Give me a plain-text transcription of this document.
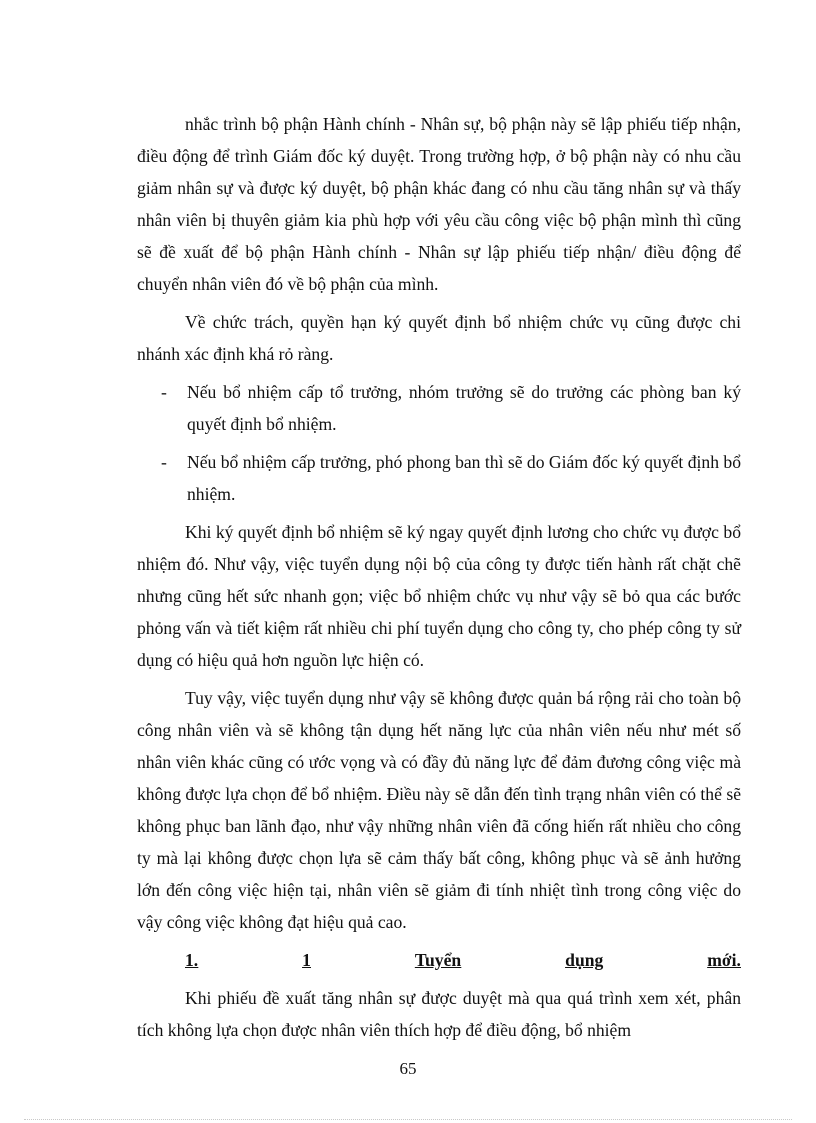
nhắc trình bộ phận Hành chính - Nhân sự, bộ phận này sẽ lập phiếu tiếp nhận, điều động để trình Giám đốc ký duyệt. Trong trường hợp, ở bộ phận này có nhu cầu giảm nhân sự và được ký duyệt, bộ phận khác đang có nhu cầu tăng nhân sự và thấy nhân viên bị thuyên giảm kia phù hợp với yêu cầu công việc bộ phận mình thì cũng sẽ đề xuất để bộ phận Hành chính - Nhân sự lập phiếu tiếp nhận/ điều động để chuyển nhân viên đó về bộ phận của mình.

Về chức trách, quyền hạn ký quyết định bổ nhiệm chức vụ cũng được chi nhánh xác định khá rỏ ràng.

- Nếu bổ nhiệm cấp tổ trưởng, nhóm trưởng sẽ do trưởng các phòng ban ký quyết định bổ nhiệm.
- Nếu bổ nhiệm cấp trưởng, phó phong ban thì sẽ do Giám đốc ký quyết định bổ nhiệm.

Khi ký quyết định bổ nhiệm sẽ ký ngay quyết định lương cho chức vụ được bổ nhiệm đó. Như vậy, việc tuyển dụng nội bộ của công ty được tiến hành rất chặt chẽ nhưng cũng hết sức nhanh gọn; việc bổ nhiệm chức vụ như vậy sẽ bỏ qua các bước phỏng vấn và tiết kiệm rất nhiều chi phí tuyển dụng cho công ty, cho phép công ty sử dụng có hiệu quả hơn nguồn lực hiện có.

Tuy vậy, việc tuyển dụng như vậy sẽ không được quản bá rộng rải cho toàn bộ công nhân viên và sẽ không tận dụng hết năng lực của nhân viên nếu như mét số nhân viên khác cũng có ước vọng và có đầy đủ năng lực để đảm đương công việc mà không được lựa chọn để bổ nhiệm. Điều này sẽ dẫn đến tình trạng nhân viên có thể sẽ không phục ban lãnh đạo, như vậy những nhân viên đã cống hiến rất nhiều cho công ty mà lại không được chọn lựa sẽ cảm thấy bất công, không phục và sẽ ảnh hưởng lớn đến công việc hiện tại, nhân viên sẽ giảm đi tính nhiệt tình trong công việc do vậy công việc không đạt hiệu quả cao.

1.	1	Tuyển	dụng	mới.

Khi phiếu đề xuất tăng nhân sự được duyệt mà qua quá trình xem xét, phân tích không lựa chọn được nhân viên thích hợp để điều động, bổ nhiệm

65
